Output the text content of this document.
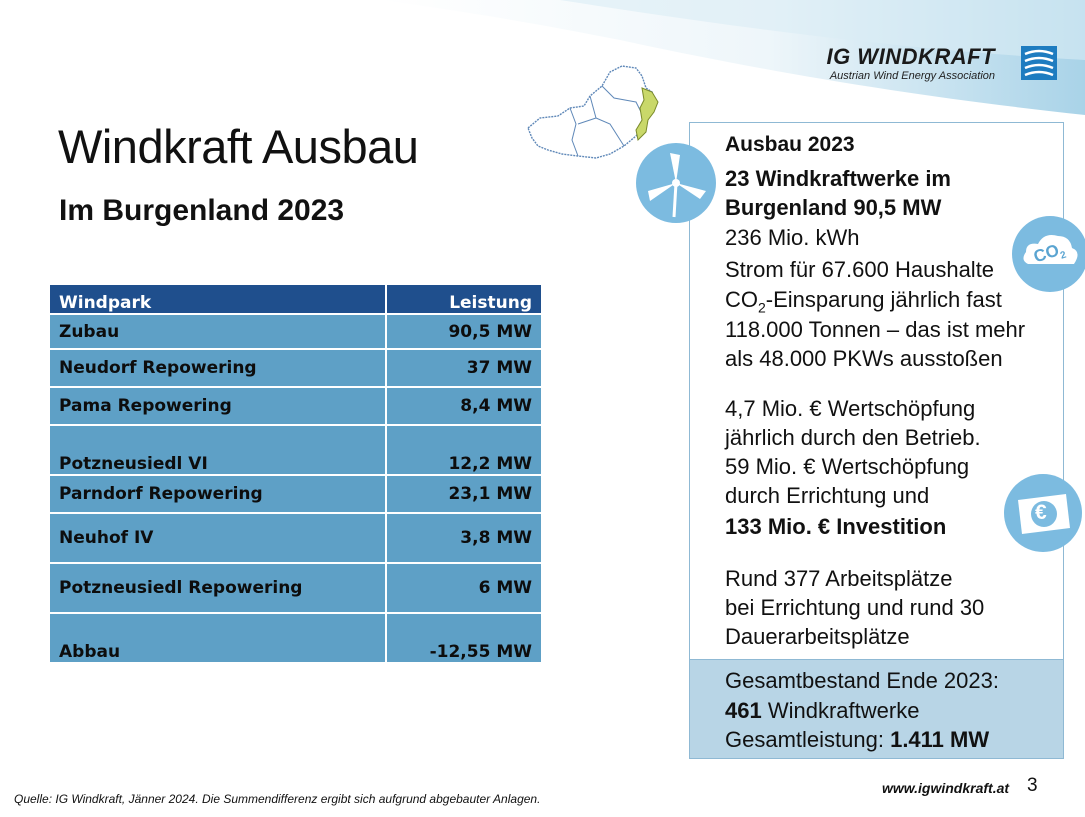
IG WINDKRAFT
Austrian Wind Energy Association
Windkraft Ausbau
Im Burgenland 2023
Windpark	Leistung
Zubau	90,5 MW
Neudorf Repowering	37 MW
Pama Repowering	8,4 MW
Potzneusiedl VI	12,2 MW
Parndorf Repowering	23,1 MW
Neuhof IV	3,8 MW
Potzneusiedl Repowering	6 MW
Abbau	-12,55 MW
Ausbau 2023
23 Windkraftwerke im
Burgenland 90,5 MW
236 Mio. kWh
Strom für 67.600 Haushalte
$CO_2$-Einsparung jährlich fast
118.000 Tonnen – das ist mehr
als 48.000 PKWs ausstoßen
4,7 Mio. € Wertschöpfung
jährlich durch den Betrieb.
59 Mio. € Wertschöpfung
durch Errichtung und
133 Mio. € Investition
Rund 377 Arbeitsplätze
bei Errichtung und rund 30
Dauerarbeitsplätze
Gesamtbestand Ende 2023:
461 Windkraftwerke
Gesamtleistung: 1.411 MW
$CO_2$
€
Quelle: IG Windkraft, Jänner 2024. Die Summendifferenz ergibt sich aufgrund abgebauter Anlagen.
www.igwindkraft.at 3
